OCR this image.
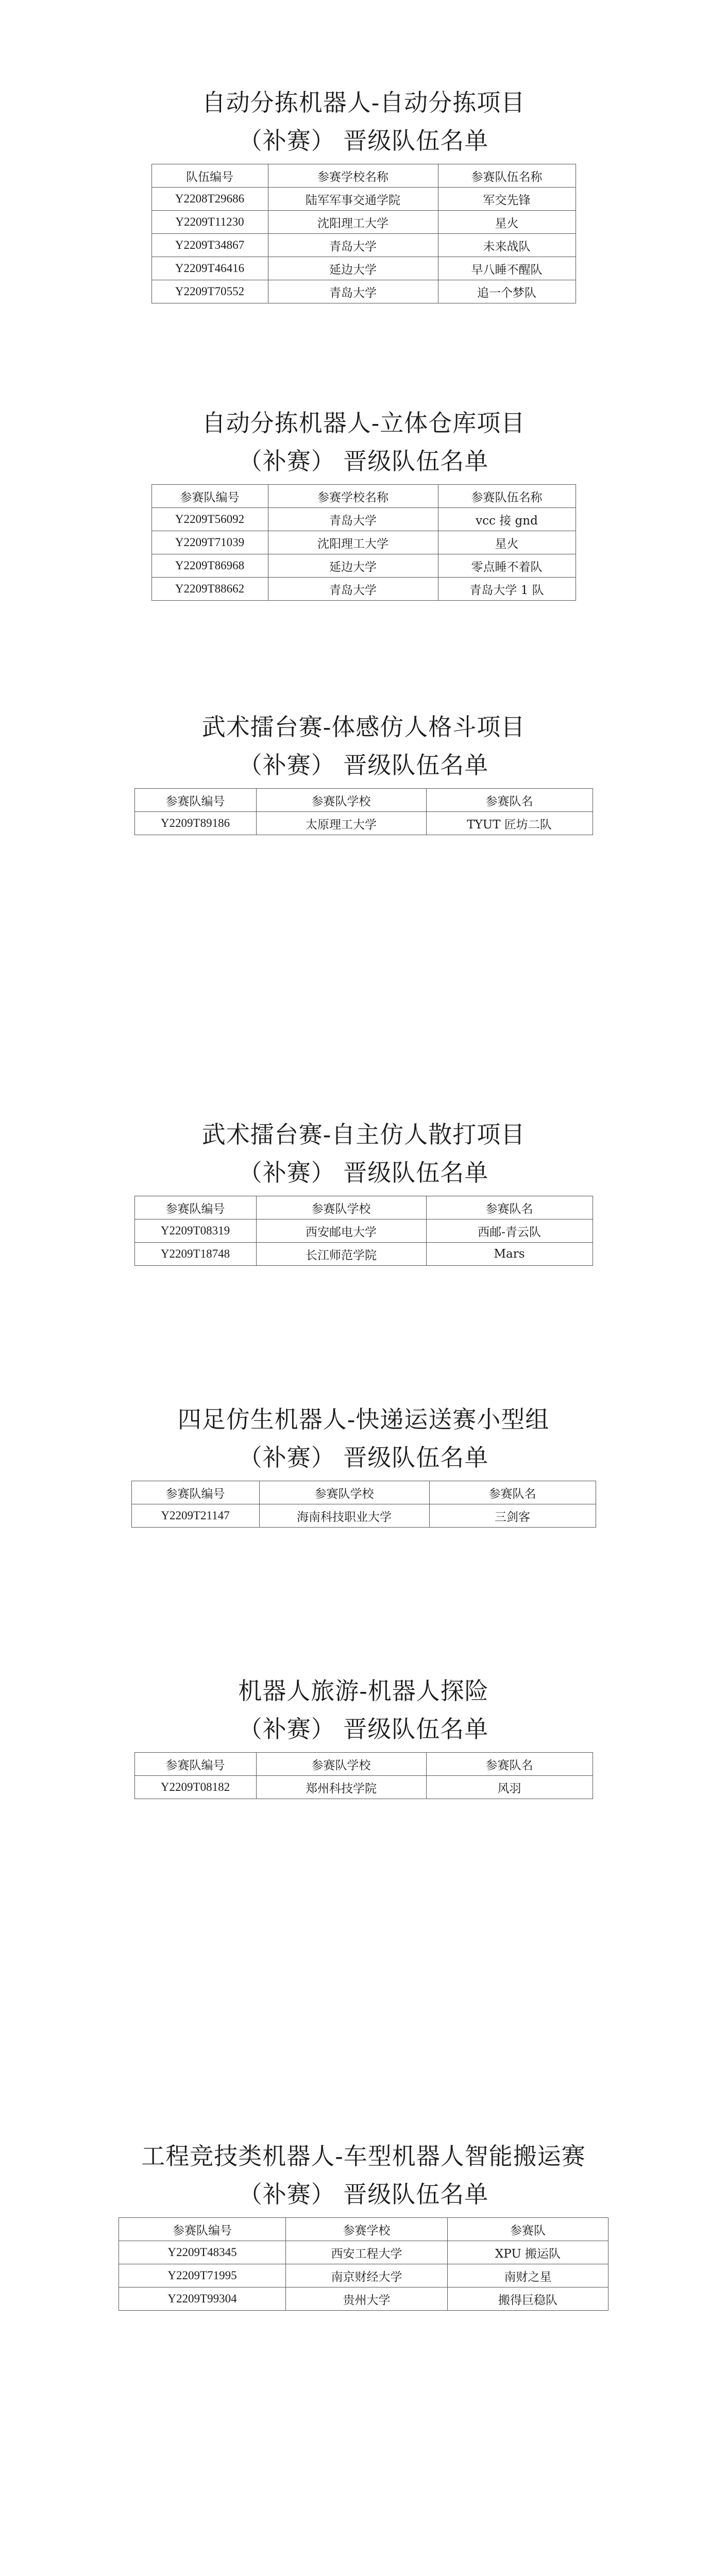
自动分拣机器人-自动分拣项目
（补赛） 晋级队伍名单
队伍编号	参赛学校名称	参赛队伍名称
Y2208T29686	陆军军事交通学院	军交先锋
Y2209T11230	沈阳理工大学	星火
Y2209T34867	青岛大学	未来战队
Y2209T46416	延边大学	早八睡不醒队
Y2209T70552	青岛大学	追一个梦队
自动分拣机器人-立体仓库项目
（补赛） 晋级队伍名单
参赛队编号	参赛学校名称	参赛队伍名称
Y2209T56092	青岛大学	vcc 接 gnd
Y2209T71039	沈阳理工大学	星火
Y2209T86968	延边大学	零点睡不着队
Y2209T88662	青岛大学	青岛大学 1 队
武术擂台赛-体感仿人格斗项目
（补赛） 晋级队伍名单
参赛队编号	参赛队学校	参赛队名
Y2209T89186	太原理工大学	TYUT 匠坊二队
武术擂台赛-自主仿人散打项目
（补赛） 晋级队伍名单
参赛队编号	参赛队学校	参赛队名
Y2209T08319	西安邮电大学	西邮-青云队
Y2209T18748	长江师范学院	Mars
四足仿生机器人-快递运送赛小型组
（补赛） 晋级队伍名单
参赛队编号	参赛队学校	参赛队名
Y2209T21147	海南科技职业大学	三剑客
机器人旅游-机器人探险
（补赛） 晋级队伍名单
参赛队编号	参赛队学校	参赛队名
Y2209T08182	郑州科技学院	风羽
工程竞技类机器人-车型机器人智能搬运赛
（补赛） 晋级队伍名单
参赛队编号	参赛学校	参赛队
Y2209T48345	西安工程大学	XPU 搬运队
Y2209T71995	南京财经大学	南财之星
Y2209T99304	贵州大学	搬得巨稳队
